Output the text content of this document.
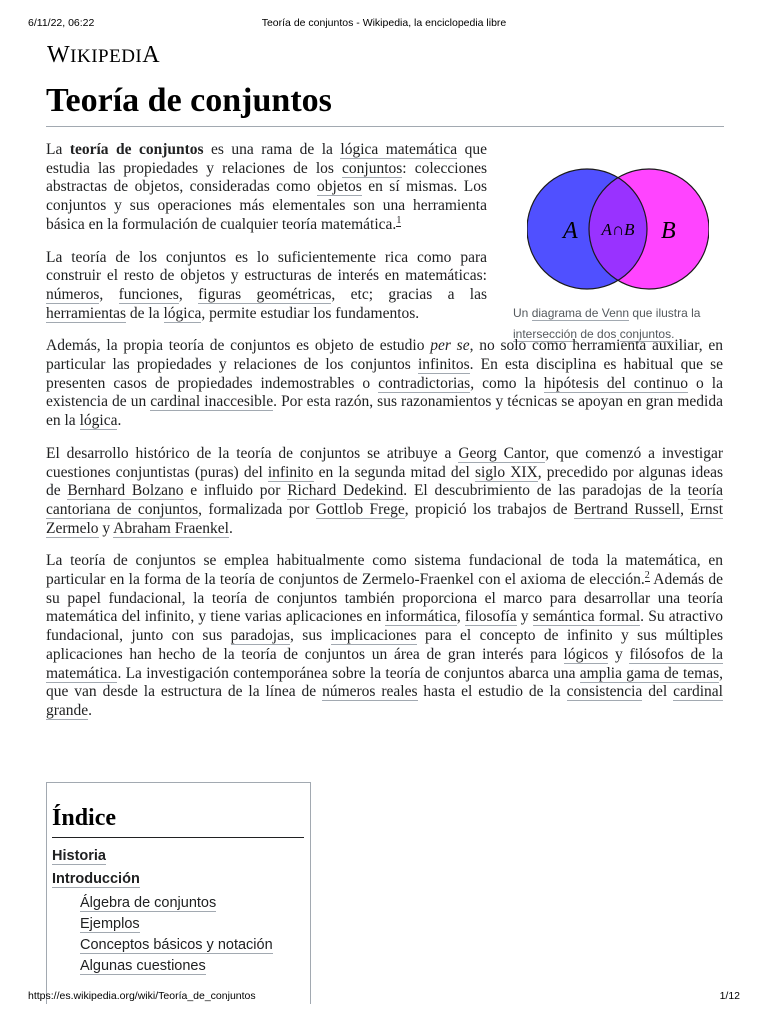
6/11/22, 06:22	Teoría de conjuntos - Wikipedia, la enciclopedia libre
WIKIPEDIA
Teoría de conjuntos
A A∩B B
Un diagrama de Venn que ilustra la intersección de dos conjuntos.

La teoría de conjuntos es una rama de la lógica matemática que estudia las propiedades y relaciones de los conjuntos: colecciones abstractas de objetos, consideradas como objetos en sí mismas. Los conjuntos y sus operaciones más elementales son una herramienta básica en la formulación de cualquier teoría matemática.$^1$

La teoría de los conjuntos es lo suficientemente rica como para construir el resto de objetos y estructuras de interés en matemáticas: números, funciones, figuras geométricas, etc; gracias a las herramientas de la lógica, permite estudiar los fundamentos.

Además, la propia teoría de conjuntos es objeto de estudio per se, no solo como herramienta auxiliar, en particular las propiedades y relaciones de los conjuntos infinitos. En esta disciplina es habitual que se presenten casos de propiedades indemostrables o contradictorias, como la hipótesis del continuo o la existencia de un cardinal inaccesible. Por esta razón, sus razonamientos y técnicas se apoyan en gran medida en la lógica.

El desarrollo histórico de la teoría de conjuntos se atribuye a Georg Cantor, que comenzó a investigar cuestiones conjuntistas (puras) del infinito en la segunda mitad del siglo XIX, precedido por algunas ideas de Bernhard Bolzano e influido por Richard Dedekind. El descubrimiento de las paradojas de la teoría cantoriana de conjuntos, formalizada por Gottlob Frege, propició los trabajos de Bertrand Russell, Ernst Zermelo y Abraham Fraenkel.

La teoría de conjuntos se emplea habitualmente como sistema fundacional de toda la matemática, en particular en la forma de la teoría de conjuntos de Zermelo-Fraenkel con el axioma de elección.$^2$ Además de su papel fundacional, la teoría de conjuntos también proporciona el marco para desarrollar una teoría matemática del infinito, y tiene varias aplicaciones en informática, filosofía y semántica formal. Su atractivo fundacional, junto con sus paradojas, sus implicaciones para el concepto de infinito y sus múltiples aplicaciones han hecho de la teoría de conjuntos un área de gran interés para lógicos y filósofos de la matemática. La investigación contemporánea sobre la teoría de conjuntos abarca una amplia gama de temas, que van desde la estructura de la línea de números reales hasta el estudio de la consistencia del cardinal grande.

Índice
Historia
Introducción
Álgebra de conjuntos
Ejemplos
Conceptos básicos y notación
Algunas cuestiones
https://es.wikipedia.org/wiki/Teoría_de_conjuntos	1/12
